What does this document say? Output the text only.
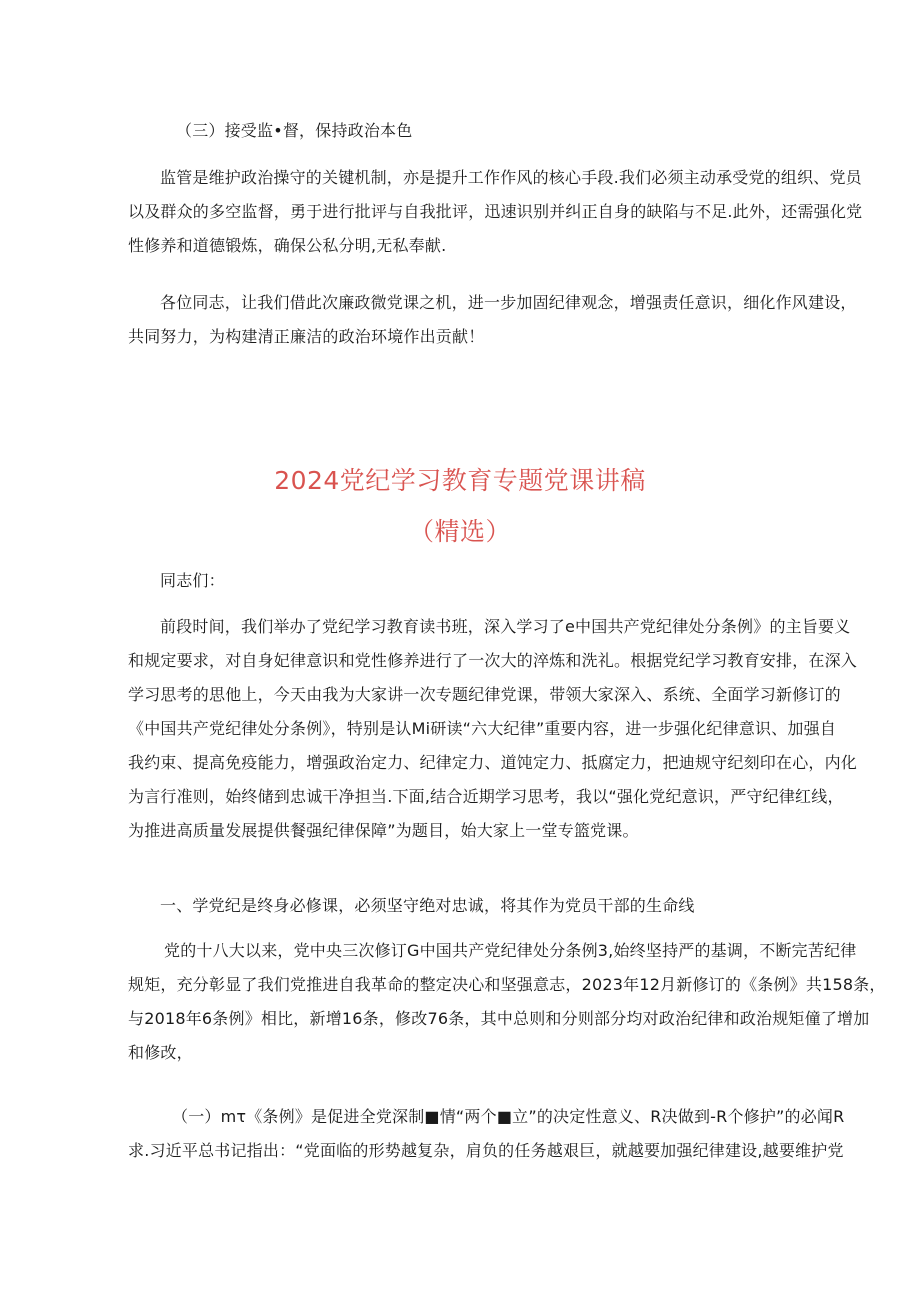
（三）接受监•督，保持政治本色
监管是维护政治操守的关键机制，亦是提升工作作风的核心手段.我们必须主动承受党的组织、党员
以及群众的多空监督，勇于进行批评与自我批评，迅速识别并纠正自身的缺陷与不足.此外，还需强化党
性修养和道德锻炼，确保公私分明,无私奉献.
各位同志，让我们借此次廉政微党课之机，进一步加固纪律观念，增强责任意识，细化作风建设，
共同努力，为构建清正廉洁的政治环境作出贡献！
2024党纪学习教育专题党课讲稿
（精选）
同志们：
前段时间，我们举办了党纪学习教育读书班，深入学习了e中国共产党纪律处分条例》的主旨要义
和规定要求，对自身妃律意识和党性修养进行了一次大的淬炼和洗礼。根据党纪学习教育安排，在深入
学习思考的思他上，今天由我为大家讲一次专题纪律党课，带领大家深入、系统、全面学习新修订的
《中国共产党纪律处分条例》，特别是认Mi研读“六大纪律”重要内容，进一步强化纪律意识、加强自
我约束、提高免疫能力，增强政治定力、纪律定力、道饨定力、抵腐定力，把迪规守纪刻印在心，内化
为言行准则，始终储到忠诚干净担当.下面,结合近期学习思考，我以“强化党纪意识，严守纪律红线，
为推进高质量发展提供餐强纪律保障”为题目，始大家上一堂专篮党课。
一、学党纪是终身必修课，必须坚守绝对忠诚，将其作为党员干部的生命线
党的十八大以来，党中央三次修订G中国共产党纪律处分条例3,始终坚持严的基调，不断完苦纪律
规矩，充分彰显了我们党推进自我革命的整定决心和坚强意志，2023年12月新修订的《条例》共158条，
与2018年6条例》相比，新增16条，修改76条，其中总则和分则部分均对政治纪律和政治规矩僮了增加
和修改，
（一）mτ《条例》是促进全党深制■情“两个■立”的决定性意义、R决做到-R个修护”的必闻R
求.习近平总书记指出：“党面临的形势越复杂，肩负的任务越艰巨，就越要加强纪律建设,越要维护党
